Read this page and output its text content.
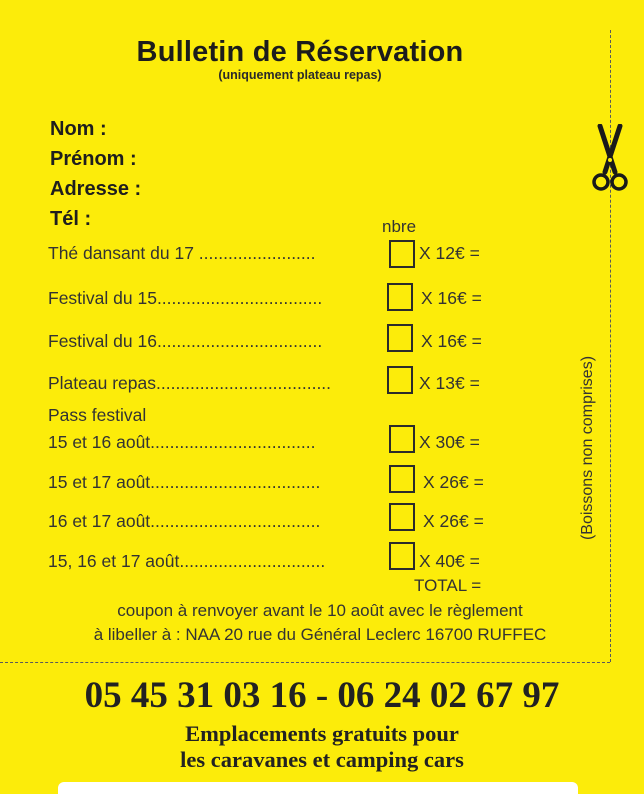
Bulletin de Réservation
(uniquement plateau repas)
Nom :
Prénom :
Adresse :
Tél :	nbre
Thé dansant du 17 ........................	X 12€ =
Festival du 15..................................	X 16€ =
Festival du 16..................................	X 16€ =
Plateau repas....................................	X 13€ =
Pass festival
15 et 16 août..................................	X 30€ =
15 et 17 août...................................	X 26€ =
16 et 17 août...................................	X 26€ =
15, 16 et 17 août..............................	X 40€ =
TOTAL =
(Boissons non comprises)
coupon à renvoyer avant le 10 août avec le règlement
à libeller à : NAA 20 rue du Général Leclerc 16700 RUFFEC
05 45 31 03 16 - 06 24 02 67 97
Emplacements gratuits pour
les caravanes et camping cars
